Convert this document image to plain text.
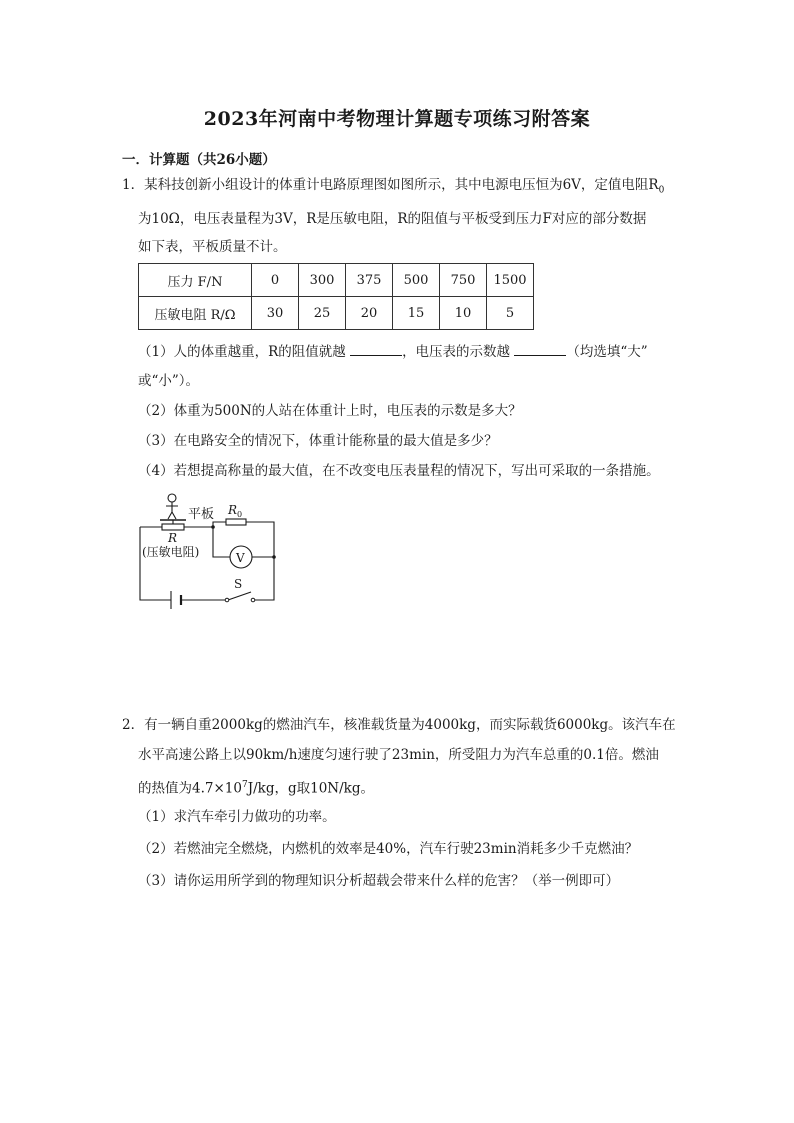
2023年河南中考物理计算题专项练习附答案
一．计算题（共26小题）
1．某科技创新小组设计的体重计电路原理图如图所示，其中电源电压恒为6V，定值电阻$R_0$
为10Ω，电压表量程为3V，R是压敏电阻，R的阻值与平板受到压力F对应的部分数据
如下表，平板质量不计。
压力 F/N	0	300	375	500	750	1500
压敏电阻 R/Ω	30	25	20	15	10	5
（1）人的体重越重，R的阻值就越	，电压表的示数越	（均选填“大”
或“小”）。
（2）体重为500N的人站在体重计上时，电压表的示数是多大？
（3）在电路安全的情况下，体重计能称量的最大值是多少？
（4）若想提高称量的最大值，在不改变电压表量程的情况下，写出可采取的一条措施。
平板 $R_0$
R
(压敏电阻)	V
S
2．有一辆自重2000kg的燃油汽车，核准载货量为4000kg，而实际载货6000kg。该汽车在
水平高速公路上以90km/h速度匀速行驶了23min，所受阻力为汽车总重的0.1倍。燃油
的热值为$4.7\times 10^7J/kg$，g取10N/kg。
（1）求汽车牵引力做功的功率。
（2）若燃油完全燃烧，内燃机的效率是40%，汽车行驶23min消耗多少千克燃油？
（3）请你运用所学到的物理知识分析超载会带来什么样的危害？（举一例即可）
